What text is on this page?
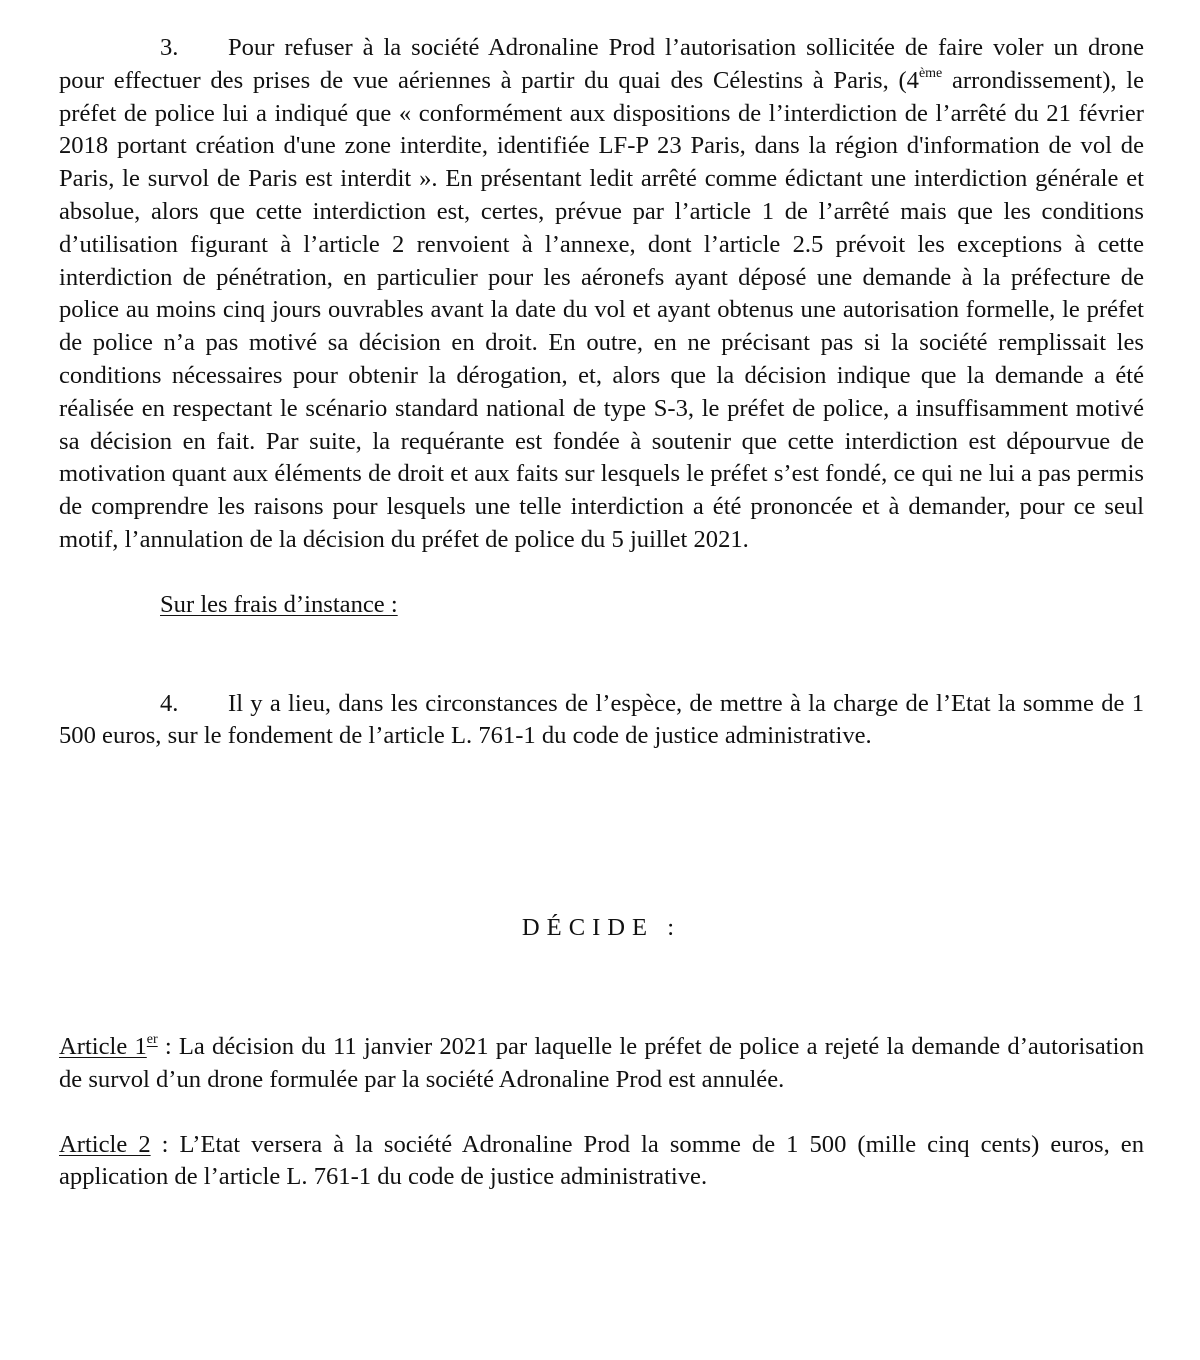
3. Pour refuser à la société Adronaline Prod l’autorisation sollicitée de faire voler un drone pour effectuer des prises de vue aériennes à partir du quai des Célestins à Paris, (4ème arrondissement), le préfet de police lui a indiqué que « conformément aux dispositions de l’interdiction de l’arrêté du 21 février 2018 portant création d'une zone interdite, identifiée LF-P 23 Paris, dans la région d'information de vol de Paris, le survol de Paris est interdit ». En présentant ledit arrêté comme édictant une interdiction générale et absolue, alors que cette interdiction est, certes, prévue par l’article 1 de l’arrêté mais que les conditions d’utilisation figurant à l’article 2 renvoient à l’annexe, dont l’article 2.5 prévoit les exceptions à cette interdiction de pénétration, en particulier pour les aéronefs ayant déposé une demande à la préfecture de police au moins cinq jours ouvrables avant la date du vol et ayant obtenus une autorisation formelle, le préfet de police n’a pas motivé sa décision en droit. En outre, en ne précisant pas si la société remplissait les conditions nécessaires pour obtenir la dérogation, et, alors que la décision indique que la demande a été réalisée en respectant le scénario standard national de type S-3, le préfet de police, a insuffisamment motivé sa décision en fait. Par suite, la requérante est fondée à soutenir que cette interdiction est dépourvue de motivation quant aux éléments de droit et aux faits sur lesquels le préfet s’est fondé, ce qui ne lui a pas permis de comprendre les raisons pour lesquels une telle interdiction a été prononcée et à demander, pour ce seul motif, l’annulation de la décision du préfet de police du 5 juillet 2021.

Sur les frais d’instance :

4. Il y a lieu, dans les circonstances de l’espèce, de mettre à la charge de l’Etat la somme de 1 500 euros, sur le fondement de l’article L. 761-1 du code de justice administrative.

DÉCIDE :

Article 1er : La décision du 11 janvier 2021 par laquelle le préfet de police a rejeté la demande d’autorisation de survol d’un drone formulée par la société Adronaline Prod est annulée.

Article 2 : L’Etat versera à la société Adronaline Prod la somme de 1 500 (mille cinq cents) euros, en application de l’article L. 761-1 du code de justice administrative.
